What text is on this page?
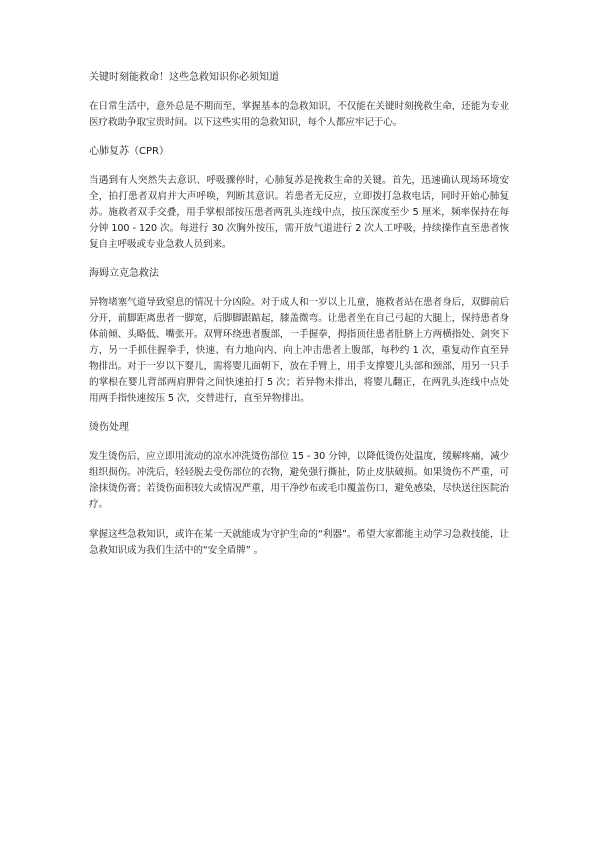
关键时刻能救命！这些急救知识你必须知道

在日常生活中，意外总是不期而至，掌握基本的急救知识，不仅能在关键时刻挽救生命，还能为专业医疗救助争取宝贵时间。以下这些实用的急救知识，每个人都应牢记于心。

心肺复苏（CPR）

当遇到有人突然失去意识、呼吸骤停时，心肺复苏是挽救生命的关键。首先，迅速确认现场环境安全，拍打患者双肩并大声呼唤，判断其意识。若患者无反应，立即拨打急救电话，同时开始心肺复苏。施救者双手交叠，用手掌根部按压患者两乳头连线中点，按压深度至少 5 厘米，频率保持在每分钟 100 - 120 次。每进行 30 次胸外按压，需开放气道进行 2 次人工呼吸，持续操作直至患者恢复自主呼吸或专业急救人员到来。

海姆立克急救法

异物堵塞气道导致窒息的情况十分凶险。对于成人和一岁以上儿童，施救者站在患者身后，双脚前后分开，前脚距离患者一脚宽，后脚脚跟踮起，膝盖微弯。让患者坐在自己弓起的大腿上，保持患者身体前倾、头略低、嘴张开。双臂环绕患者腹部，一手握拳，拇指顶住患者肚脐上方两横指处、剑突下方，另一手抓住握拳手，快速、有力地向内、向上冲击患者上腹部，每秒约 1 次，重复动作直至异物排出。对于一岁以下婴儿，需将婴儿面朝下，放在手臂上，用手支撑婴儿头部和颈部，用另一只手的掌根在婴儿背部两肩胛骨之间快速拍打 5 次；若异物未排出，将婴儿翻正，在两乳头连线中点处用两手指快速按压 5 次，交替进行，直至异物排出。

烫伤处理

发生烫伤后，应立即用流动的凉水冲洗烫伤部位 15 - 30 分钟，以降低烫伤处温度，缓解疼痛，减少组织损伤。冲洗后，轻轻脱去受伤部位的衣物，避免强行撕扯，防止皮肤破损。如果烫伤不严重，可涂抹烫伤膏；若烫伤面积较大或情况严重，用干净纱布或毛巾覆盖伤口，避免感染，尽快送往医院治疗。

掌握这些急救知识，或许在某一天就能成为守护生命的“利器”。希望大家都能主动学习急救技能，让急救知识成为我们生活中的“安全盾牌” 。
